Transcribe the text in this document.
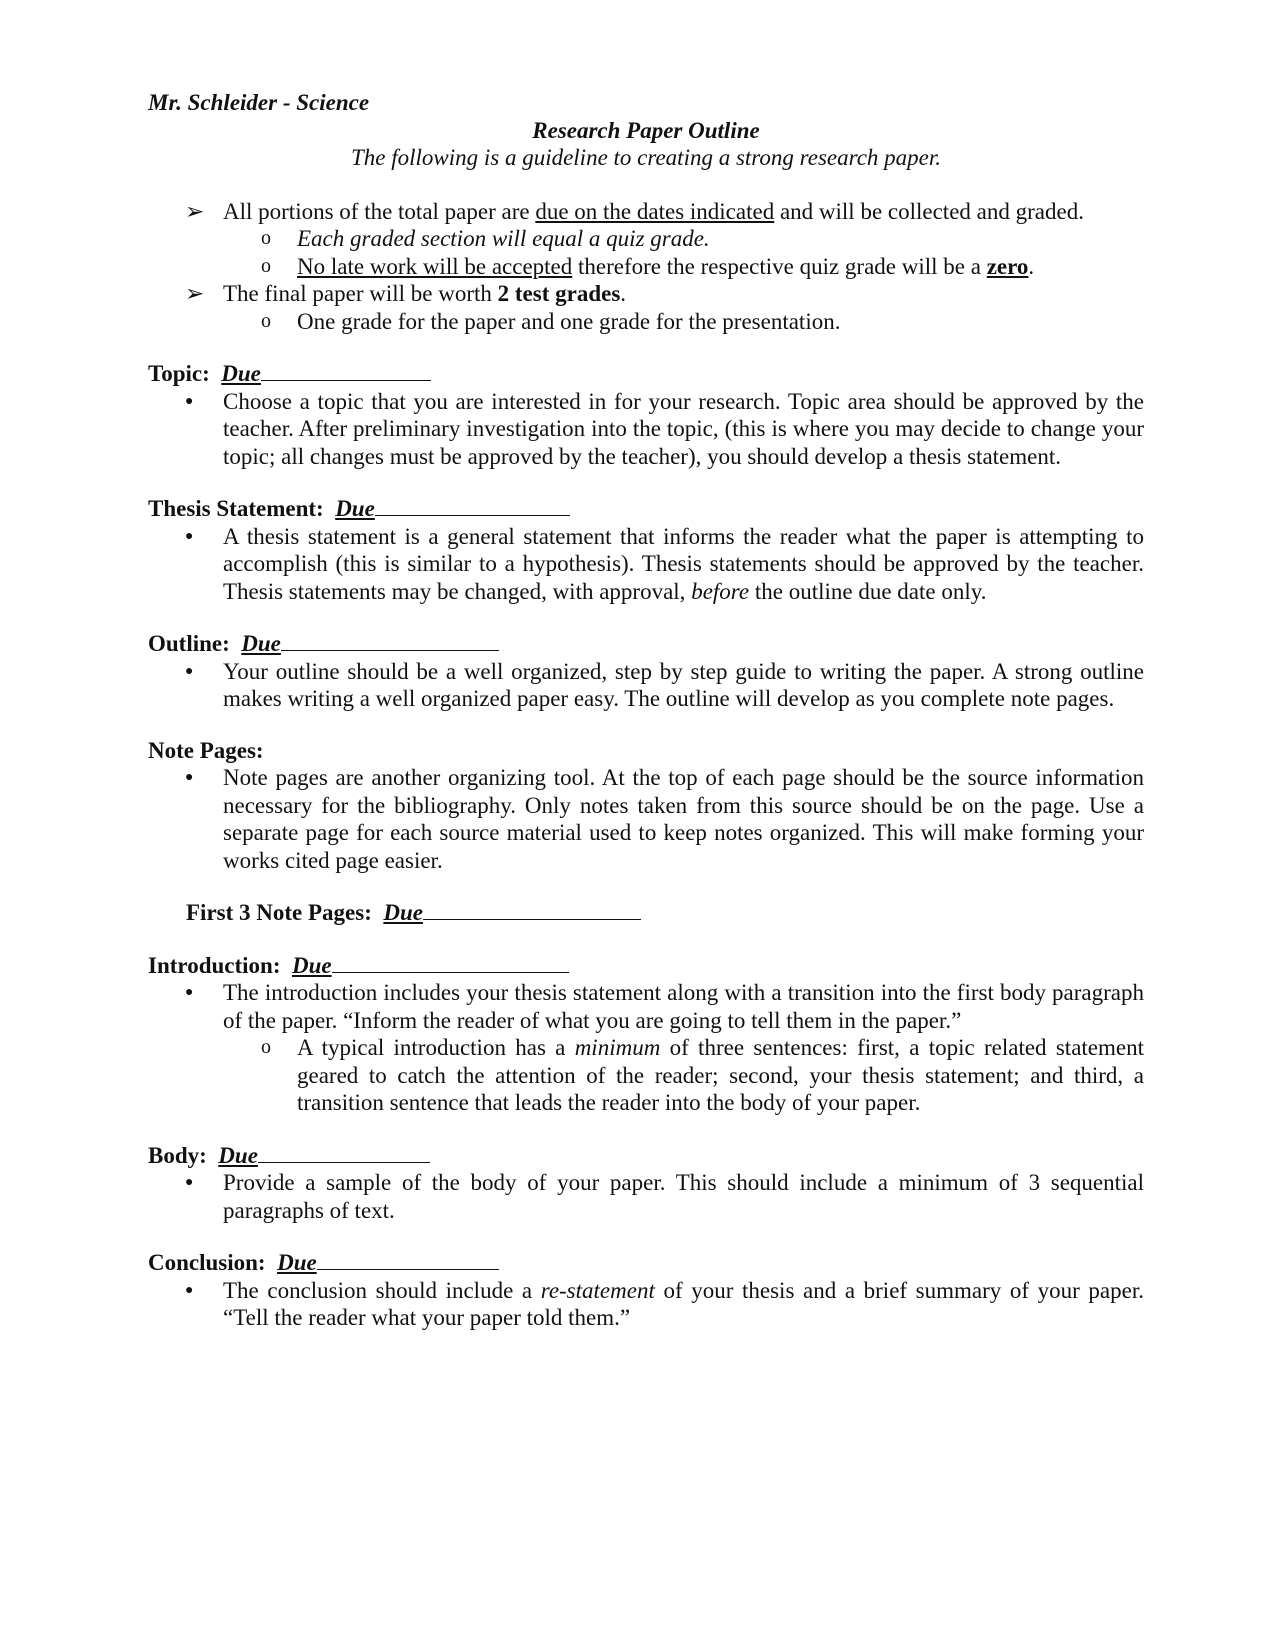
Mr. Schleider - Science

Research Paper Outline

The following is a guideline to creating a strong research paper.

➢ All portions of the total paper are due on the dates indicated and will be collected and graded.
o Each graded section will equal a quiz grade.
o No late work will be accepted therefore the respective quiz grade will be a zero.
➢ The final paper will be worth 2 test grades.
o One grade for the paper and one grade for the presentation.

Topic: Due

● Choose a topic that you are interested in for your research. Topic area should be approved by the teacher. After preliminary investigation into the topic, (this is where you may decide to change your topic; all changes must be approved by the teacher), you should develop a thesis statement.

Thesis Statement: Due

● A thesis statement is a general statement that informs the reader what the paper is attempting to accomplish (this is similar to a hypothesis). Thesis statements should be approved by the teacher. Thesis statements may be changed, with approval, before the outline due date only.

Outline: Due

● Your outline should be a well organized, step by step guide to writing the paper. A strong outline makes writing a well organized paper easy. The outline will develop as you complete note pages.

Note Pages:

● Note pages are another organizing tool. At the top of each page should be the source information necessary for the bibliography. Only notes taken from this source should be on the page. Use a separate page for each source material used to keep notes organized. This will make forming your works cited page easier.

First 3 Note Pages: Due

Introduction: Due

● The introduction includes your thesis statement along with a transition into the first body paragraph of the paper. “Inform the reader of what you are going to tell them in the paper.”
o A typical introduction has a minimum of three sentences: first, a topic related statement geared to catch the attention of the reader; second, your thesis statement; and third, a transition sentence that leads the reader into the body of your paper.

Body: Due

● Provide a sample of the body of your paper. This should include a minimum of 3 sequential paragraphs of text.

Conclusion: Due

● The conclusion should include a re-statement of your thesis and a brief summary of your paper. “Tell the reader what your paper told them.”
